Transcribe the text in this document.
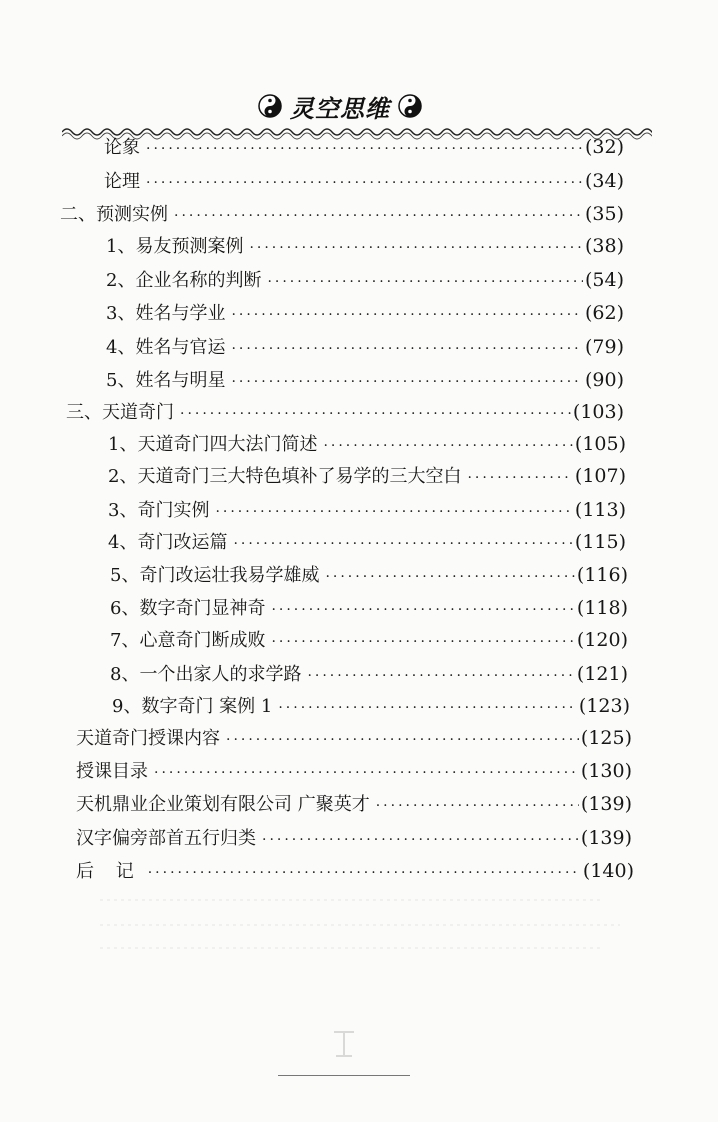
灵空思维
论象 ·····	(32)
论理 ·····	(34)
二、预测实例 ·····	(35)
1、易友预测案例 ·····	(38)
2、企业名称的判断 ·····	(54)
3、姓名与学业 ·····	(62)
4、姓名与官运 ·····	(79)
5、姓名与明星 ·····	(90)
三、天道奇门 ·····	(103)
1、天道奇门四大法门简述 ·····	(105)
2、天道奇门三大特色填补了易学的三大空白 ·····	(107)
3、奇门实例 ·····	(113)
4、奇门改运篇 ·····	(115)
5、奇门改运壮我易学雄威 ·····	(116)
6、数字奇门显神奇 ·····	(118)
7、心意奇门断成败 ·····	(120)
8、一个出家人的求学路 ·····	(121)
9、数字奇门 案例 1 ·····	(123)
天道奇门授课内容 ·····	(125)
授课目录 ·····	(130)
天机鼎业企业策划有限公司 广聚英才 ·····	(139)
汉字偏旁部首五行归类 ·····	(139)
后 记 ·····	(140)
